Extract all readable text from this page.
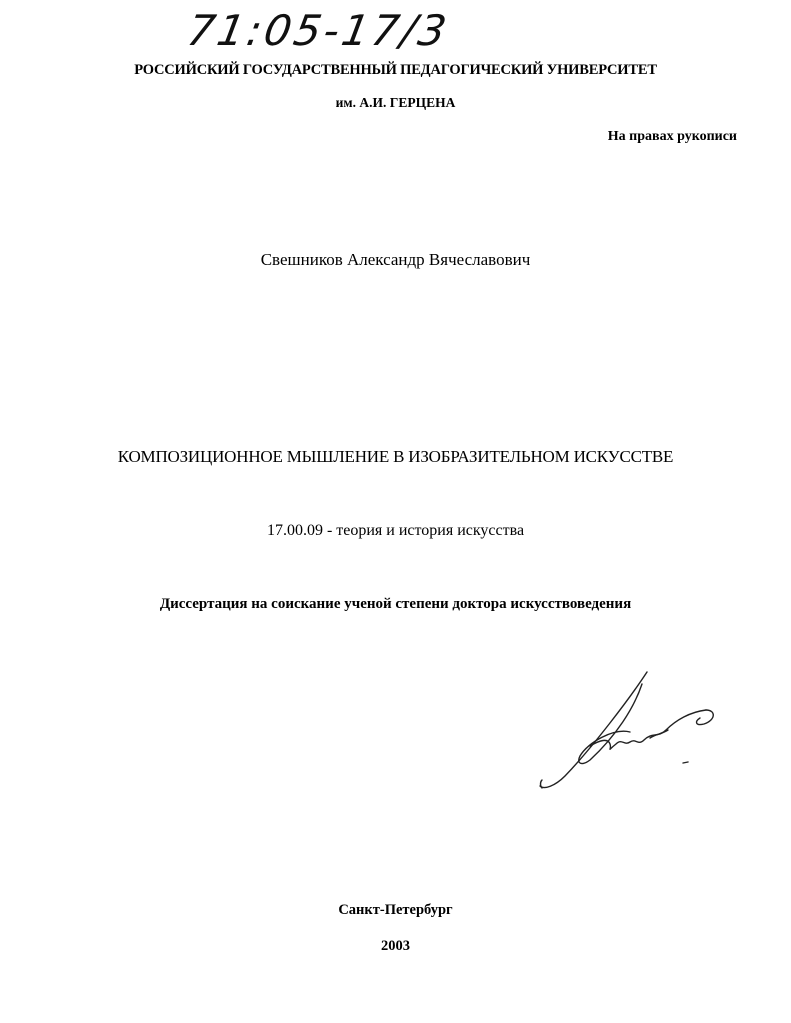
71:05-17/3
РОССИЙСКИЙ ГОСУДАРСТВЕННЫЙ ПЕДАГОГИЧЕСКИЙ УНИВЕРСИТЕТ
им. А.И. ГЕРЦЕНА
На правах рукописи
Свешников Александр Вячеславович
КОМПОЗИЦИОННОЕ МЫШЛЕНИЕ В ИЗОБРАЗИТЕЛЬНОМ ИСКУССТВЕ
17.00.09 - теория и история искусства
Диссертация на соискание ученой степени доктора искусствоведения
Санкт-Петербург
2003
